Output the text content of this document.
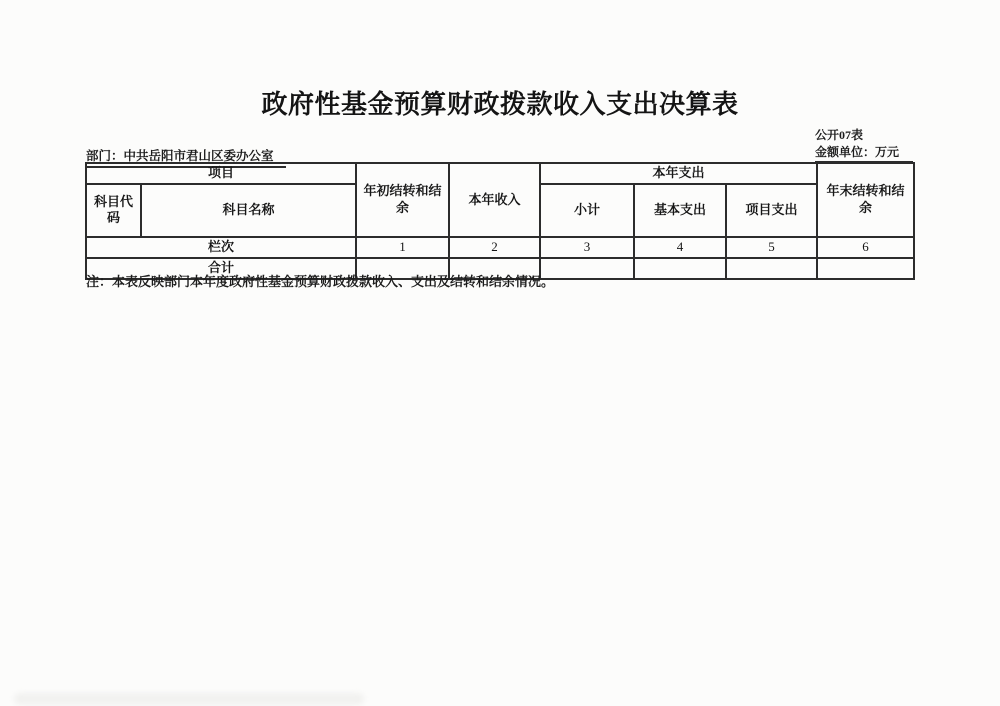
政府性基金预算财政拨款收入支出决算表
公开07表
金额单位：万元
部门：中共岳阳市君山区委办公室
项目		年初结转和结余	本年收入	本年支出			年末结转和结余
科目代码	科目名称			小计	基本支出	项目支出	
栏次		1	2	3	4	5	6
合计							
注：本表反映部门本年度政府性基金预算财政拨款收入、支出及结转和结余情况。
